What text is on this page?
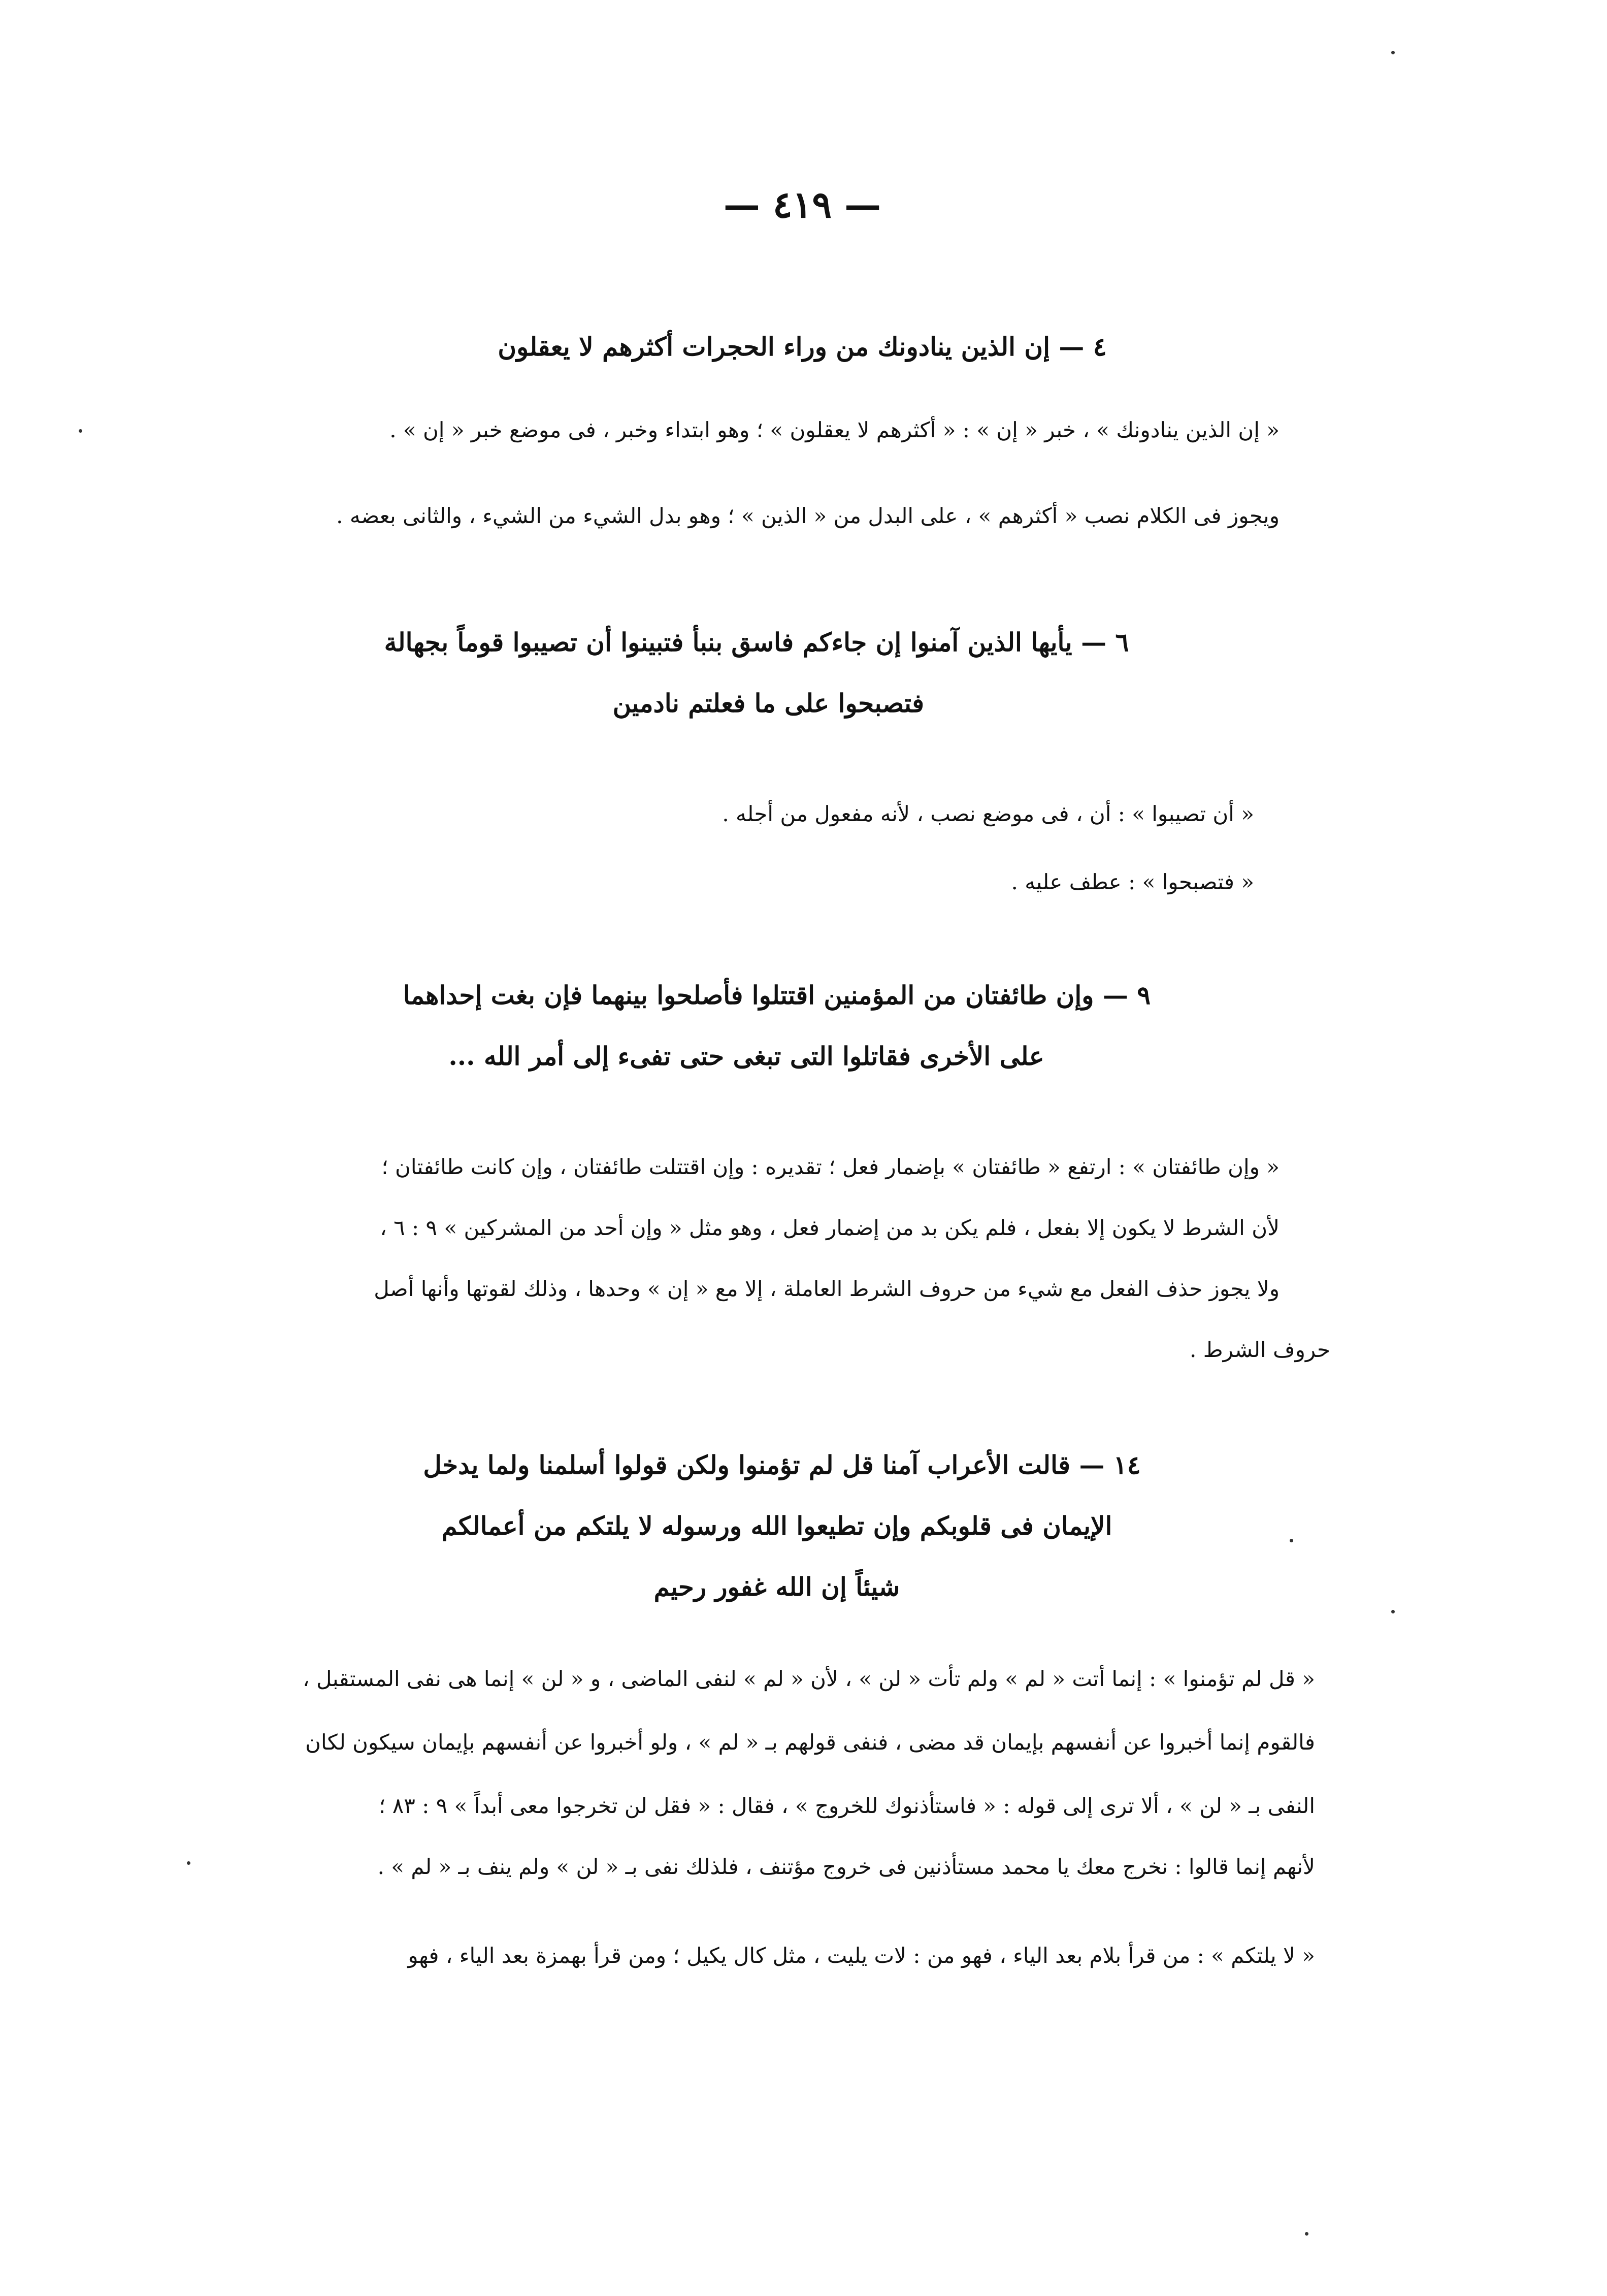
— ٤١٩ —
٤ — إن الذين ينادونك من وراء الحجرات أكثرهم لا يعقلون
« إن الذين ينادونك » ، خبر « إن » : « أكثرهم لا يعقلون » ؛ وهو ابتداء وخبر ، فى موضع خبر « إن » .
ويجوز فى الكلام نصب « أكثرهم » ، على البدل من « الذين » ؛ وهو بدل الشيء من الشيء ، والثانى بعضه .
٦ — يأيها الذين آمنوا إن جاءكم فاسق بنبأ فتبينوا أن تصيبوا قوماً بجهالة
فتصبحوا على ما فعلتم نادمين
« أن تصيبوا » : أن ، فى موضع نصب ، لأنه مفعول من أجله .
« فتصبحوا » : عطف عليه .
٩ — وإن طائفتان من المؤمنين اقتتلوا فأصلحوا بينهما فإن بغت إحداهما
على الأخرى فقاتلوا التى تبغى حتى تفىء إلى أمر الله ...
« وإن طائفتان » : ارتفع « طائفتان » بإضمار فعل ؛ تقديره : وإن اقتتلت طائفتان ، وإن كانت طائفتان ؛
لأن الشرط لا يكون إلا بفعل ، فلم يكن بد من إضمار فعل ، وهو مثل « وإن أحد من المشركين » ٩ : ٦ ،
ولا يجوز حذف الفعل مع شيء من حروف الشرط العاملة ، إلا مع « إن » وحدها ، وذلك لقوتها وأنها أصل
حروف الشرط .
١٤ — قالت الأعراب آمنا قل لم تؤمنوا ولكن قولوا أسلمنا ولما يدخل
الإيمان فى قلوبكم وإن تطيعوا الله ورسوله لا يلتكم من أعمالكم
شيئاً إن الله غفور رحيم
« قل لم تؤمنوا » : إنما أتت « لم » ولم تأت « لن » ، لأن « لم » لنفى الماضى ، و « لن » إنما هى نفى المستقبل ،
فالقوم إنما أخبروا عن أنفسهم بإيمان قد مضى ، فنفى قولهم بـ « لم » ، ولو أخبروا عن أنفسهم بإيمان سيكون لكان
النفى بـ « لن » ، ألا ترى إلى قوله : « فاستأذنوك للخروج » ، فقال : « فقل لن تخرجوا معى أبداً » ٩ : ٨٣ ؛
لأنهم إنما قالوا : نخرج معك يا محمد مستأذنين فى خروج مؤتنف ، فلذلك نفى بـ « لن » ولم ينف بـ « لم » .
« لا يلتكم » : من قرأ بلام بعد الياء ، فهو من : لات يليت ، مثل كال يكيل ؛ ومن قرأ بهمزة بعد الياء ، فهو
